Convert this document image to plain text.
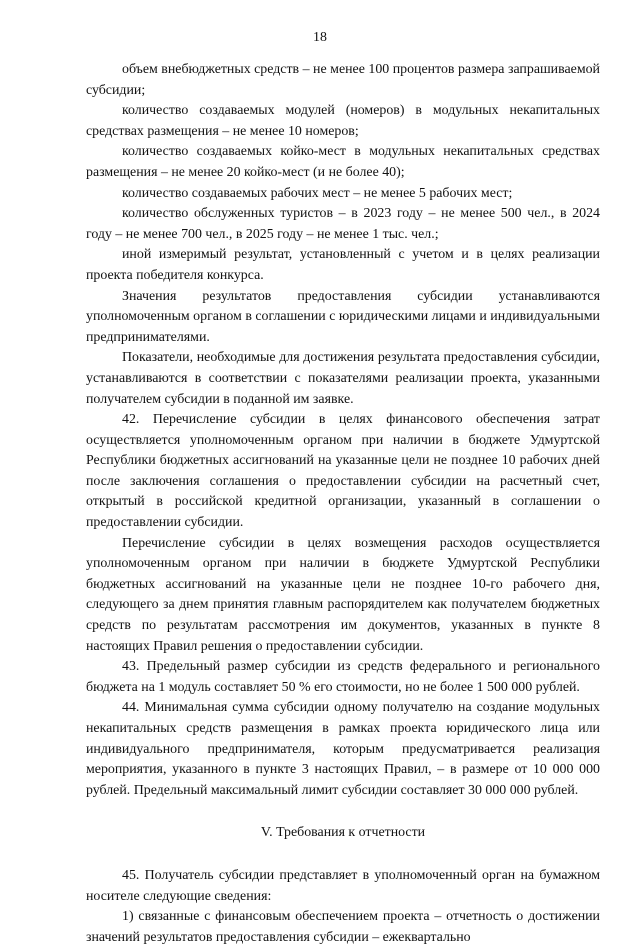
18

объем внебюджетных средств – не менее 100 процентов размера запрашиваемой субсидии;

количество создаваемых модулей (номеров) в модульных некапитальных средствах размещения – не менее 10 номеров;

количество создаваемых койко-мест в модульных некапитальных средствах размещения – не менее 20 койко-мест (и не более 40);

количество создаваемых рабочих мест – не менее 5 рабочих мест;

количество обслуженных туристов – в 2023 году – не менее 500 чел., в 2024 году – не менее 700 чел., в 2025 году – не менее 1 тыс. чел.;

иной измеримый результат, установленный с учетом и в целях реализации проекта победителя конкурса.

Значения результатов предоставления субсидии устанавливаются уполномоченным органом в соглашении с юридическими лицами и индивидуальными предпринимателями.

Показатели, необходимые для достижения результата предоставления субсидии, устанавливаются в соответствии с показателями реализации проекта, указанными получателем субсидии в поданной им заявке.

42. Перечисление субсидии в целях финансового обеспечения затрат осуществляется уполномоченным органом при наличии в бюджете Удмуртской Республики бюджетных ассигнований на указанные цели не позднее 10 рабочих дней после заключения соглашения о предоставлении субсидии на расчетный счет, открытый в российской кредитной организации, указанный в соглашении о предоставлении субсидии.

Перечисление субсидии в целях возмещения расходов осуществляется уполномоченным органом при наличии в бюджете Удмуртской Республики бюджетных ассигнований на указанные цели не позднее 10-го рабочего дня, следующего за днем принятия главным распорядителем как получателем бюджетных средств по результатам рассмотрения им документов, указанных в пункте 8 настоящих Правил решения о предоставлении субсидии.

43. Предельный размер субсидии из средств федерального и регионального бюджета на 1 модуль составляет 50 % его стоимости, но не более 1 500 000 рублей.

44. Минимальная сумма субсидии одному получателю на создание модульных некапитальных средств размещения в рамках проекта юридического лица или индивидуального предпринимателя, которым предусматривается реализация мероприятия, указанного в пункте 3 настоящих Правил, – в размере от 10 000 000 рублей. Предельный максимальный лимит субсидии составляет 30 000 000 рублей.

V. Требования к отчетности

45. Получатель субсидии представляет в уполномоченный орган на бумажном носителе следующие сведения:

1) связанные с финансовым обеспечением проекта – отчетность о достижении значений результатов предоставления субсидии – ежеквартально
